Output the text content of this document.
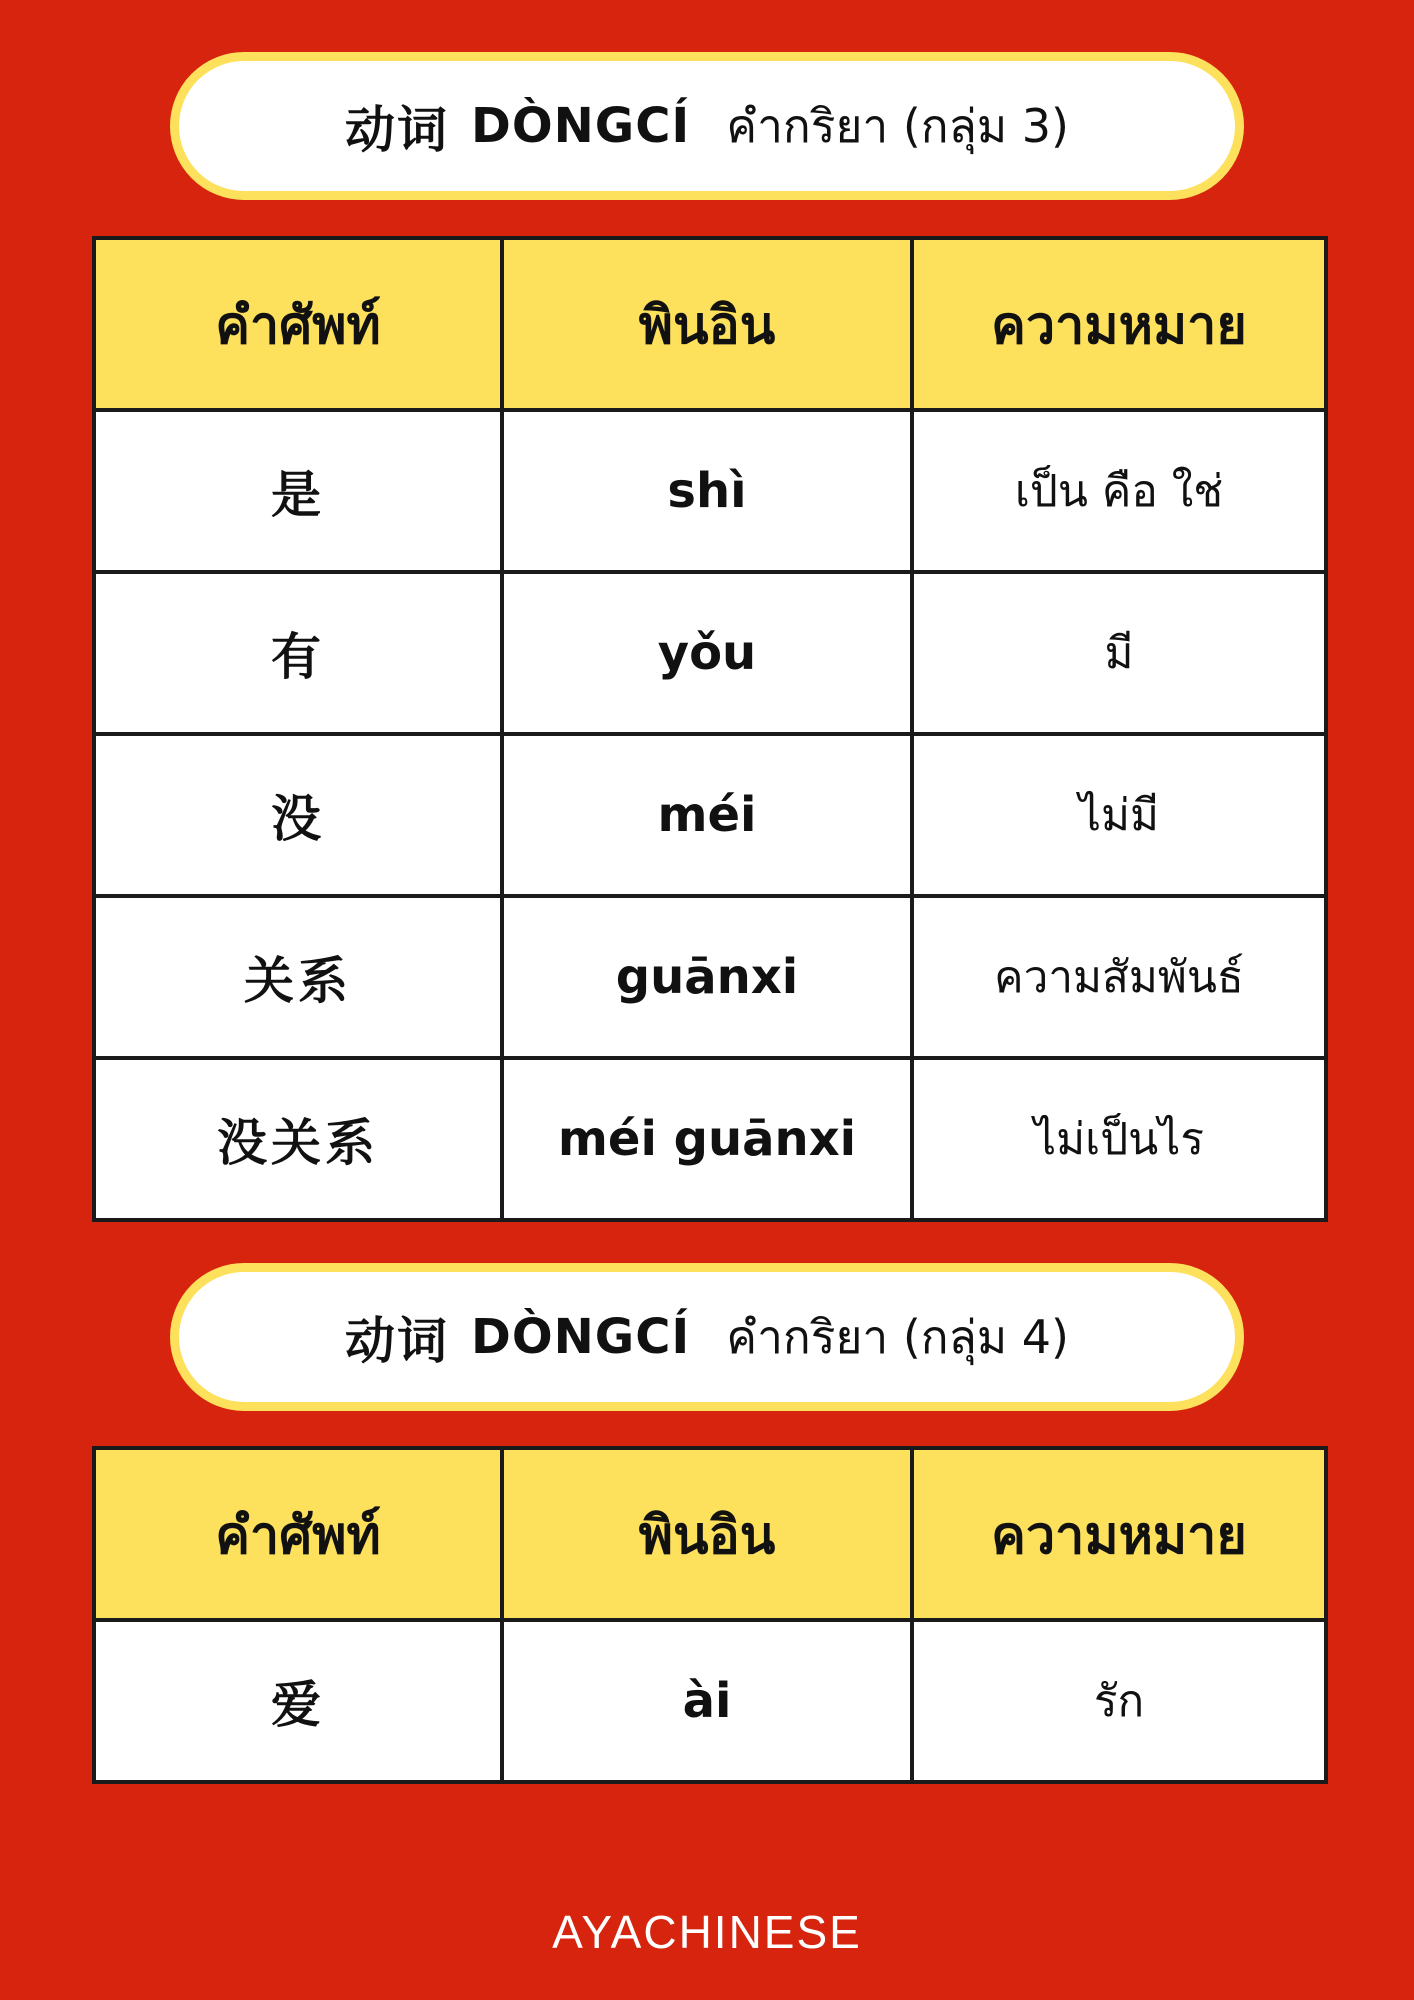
动词 DÒNGCÍ คำกริยา (กลุ่ม 3)
คำศัพท์	พินอิน	ความหมาย
是	shì	เป็น คือ ใช่
有	yǒu	มี
没	méi	ไม่มี
关系	guānxi	ความสัมพันธ์
没关系	méi guānxi	ไม่เป็นไร
动词 DÒNGCÍ คำกริยา (กลุ่ม 4)
คำศัพท์	พินอิน	ความหมาย
爱	ài	รัก
AYACHINESE
